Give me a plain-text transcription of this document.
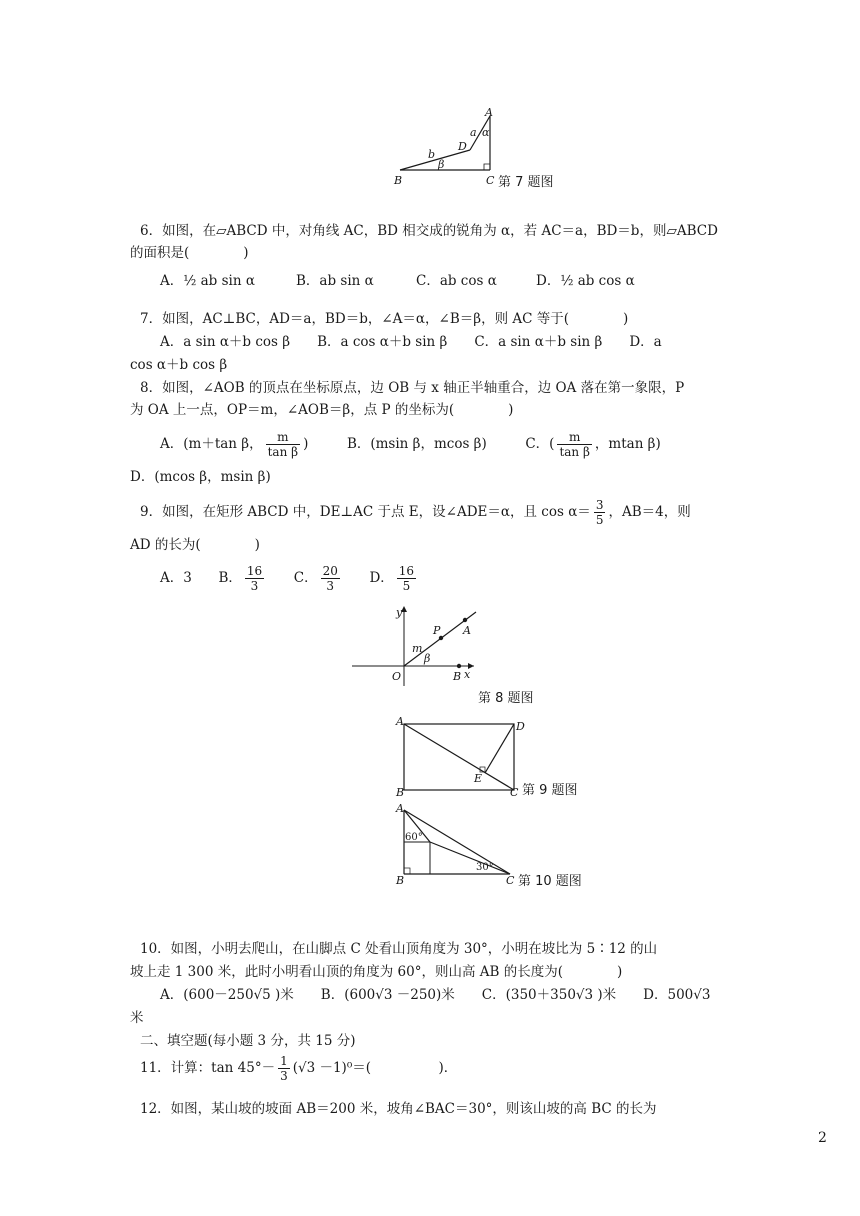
A
α
a
D
b
β
B	C 第 7 题图
6．如图，在▱ABCD 中，对角线 AC，BD 相交成的锐角为 α，若 AC＝a，BD＝b，则▱ABCD
的面积是(　　　　)
A．½ ab sin α	B．ab sin α	C．ab cos α	D．½ ab cos α
7．如图，AC⊥BC，AD＝a，BD＝b，∠A＝α，∠B＝β，则 AC 等于(　　　　)
A．a sin α＋b cos β　　B．a cos α＋b sin β　　C．a sin α＋b sin β　　D．a
cos α＋b cos β
8．如图，∠AOB 的顶点在坐标原点，边 OB 与 x 轴正半轴重合，边 OA 落在第一象限，P
为 OA 上一点，OP＝m，∠AOB＝β，点 P 的坐标为(　　　　)
A．(m＋tan β， $\frac{m}{\text{tan β}}$ )	B．(msin β，mcos β)	C．( $\frac{m}{\text{tan β}}$ ，mtan β)
D．(mcos β，msin β)
9．如图，在矩形 ABCD 中，DE⊥AC 于点 E，设∠ADE＝α，且 $\cos \alpha= \frac{3}{5}$ ，AB＝4，则
AD 的长为(　　　　)
A．3 B． $\frac{16}{3}$ C． $\frac{20}{3}$ D． $\frac{16}{5}$
y
x
O	B
P A
m
β
第 8 题图
A	D
B	C
E
第 9 题图
A
60°
30°
B	C 第 10 题图
10．如图，小明去爬山，在山脚点 C 处看山顶角度为 30°，小明在坡比为 5∶12 的山
坡上走 1 300 米，此时小明看山顶的角度为 60°，则山高 AB 的长度为(　　　　)
A．(600－250√5 )米　　B．(600√3 －250)米　　C．(350＋350√3 )米　　D．500√3
米
二、填空题(每小题 3 分，共 15 分)
11．计算：$\tan 45^\circ- \frac{1}{3} (√3 -1)^0=$(　　　　　)．
12．如图，某山坡的坡面 AB＝200 米，坡角∠BAC＝30°，则该山坡的高 BC 的长为
2
